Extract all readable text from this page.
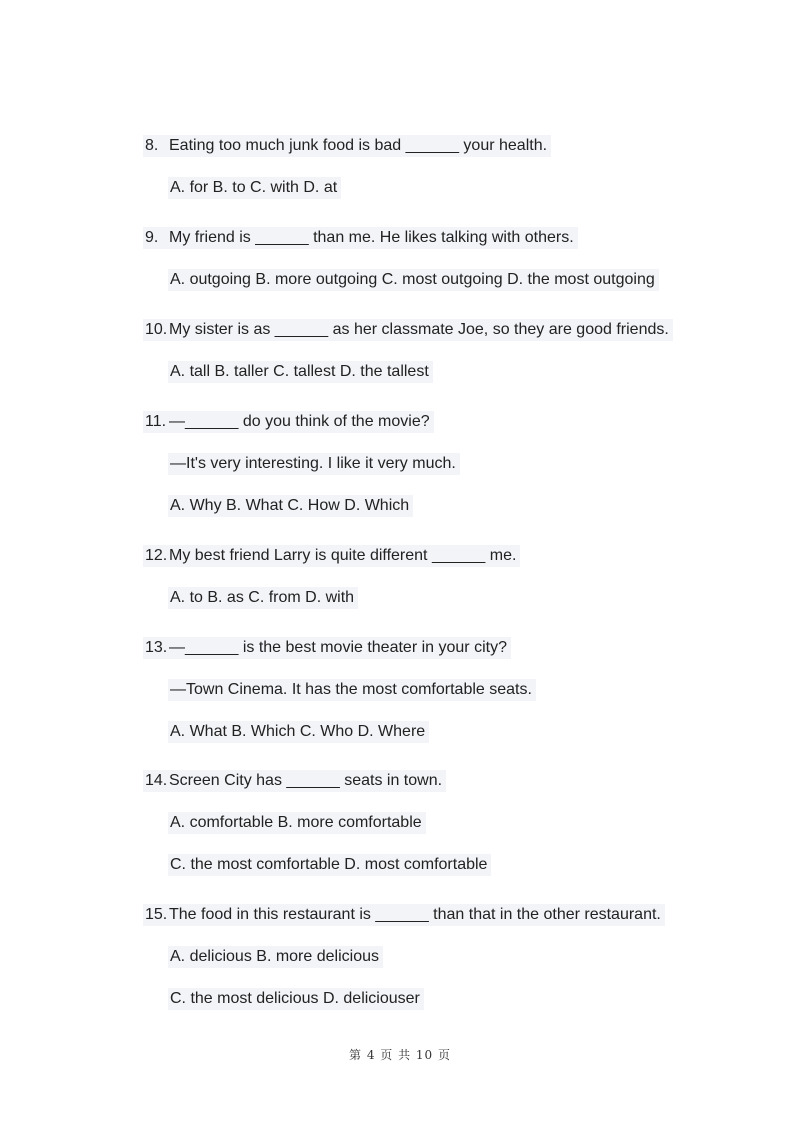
8. Eating too much junk food is bad ______ your health.
A. for B. to C. with D. at
9. My friend is ______ than me. He likes talking with others.
A. outgoing B. more outgoing C. most outgoing D. the most outgoing
10. My sister is as ______ as her classmate Joe, so they are good friends.
A. tall B. taller C. tallest D. the tallest
11. —______ do you think of the movie?
—It's very interesting. I like it very much.
A. Why B. What C. How D. Which
12. My best friend Larry is quite different ______ me.
A. to B. as C. from D. with
13. —______ is the best movie theater in your city?
—Town Cinema. It has the most comfortable seats.
A. What B. Which C. Who D. Where
14. Screen City has ______ seats in town.
A. comfortable B. more comfortable
C. the most comfortable D. most comfortable
15. The food in this restaurant is ______ than that in the other restaurant.
A. delicious B. more delicious
C. the most delicious D. deliciouser
第 4 页 共 10 页
